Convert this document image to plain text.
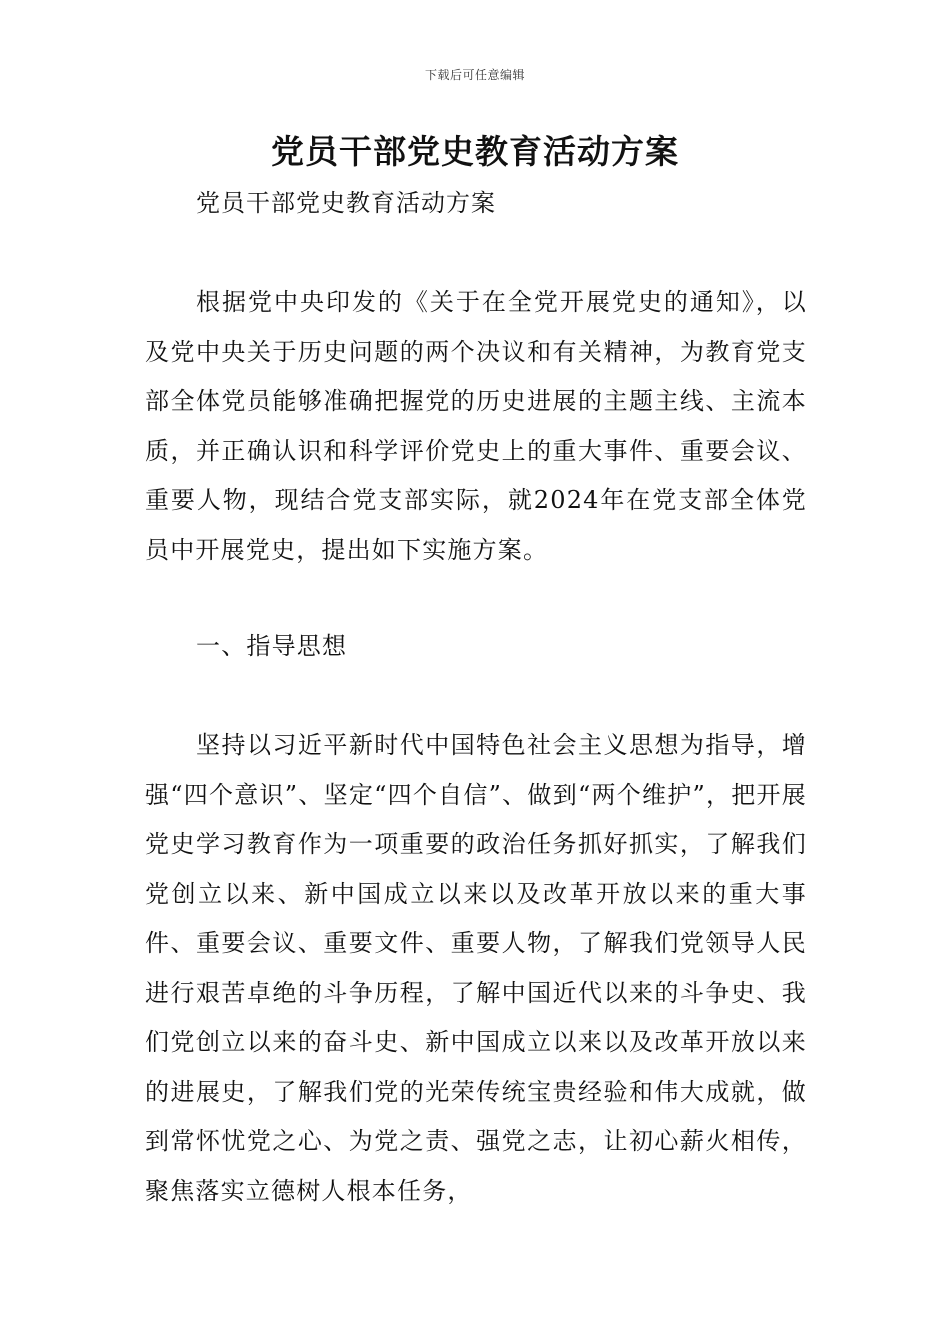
下载后可任意编辑
党员干部党史教育活动方案

党员干部党史教育活动方案

根据党中央印发的《关于在全党开展党史的通知》，以及党中央关于历史问题的两个决议和有关精神，为教育党支部全体党员能够准确把握党的历史进展的主题主线、主流本质，并正确认识和科学评价党史上的重大事件、重要会议、重要人物，现结合党支部实际，就2024年在党支部全体党员中开展党史，提出如下实施方案。

一、指导思想

坚持以习近平新时代中国特色社会主义思想为指导，增强“四个意识”、坚定“四个自信”、做到“两个维护”，把开展党史学习教育作为一项重要的政治任务抓好抓实，了解我们党创立以来、新中国成立以来以及改革开放以来的重大事件、重要会议、重要文件、重要人物，了解我们党领导人民进行艰苦卓绝的斗争历程，了解中国近代以来的斗争史、我们党创立以来的奋斗史、新中国成立以来以及改革开放以来的进展史，了解我们党的光荣传统宝贵经验和伟大成就，做到常怀忧党之心、为党之责、强党之志，让初心薪火相传，聚焦落实立德树人根本任务，
